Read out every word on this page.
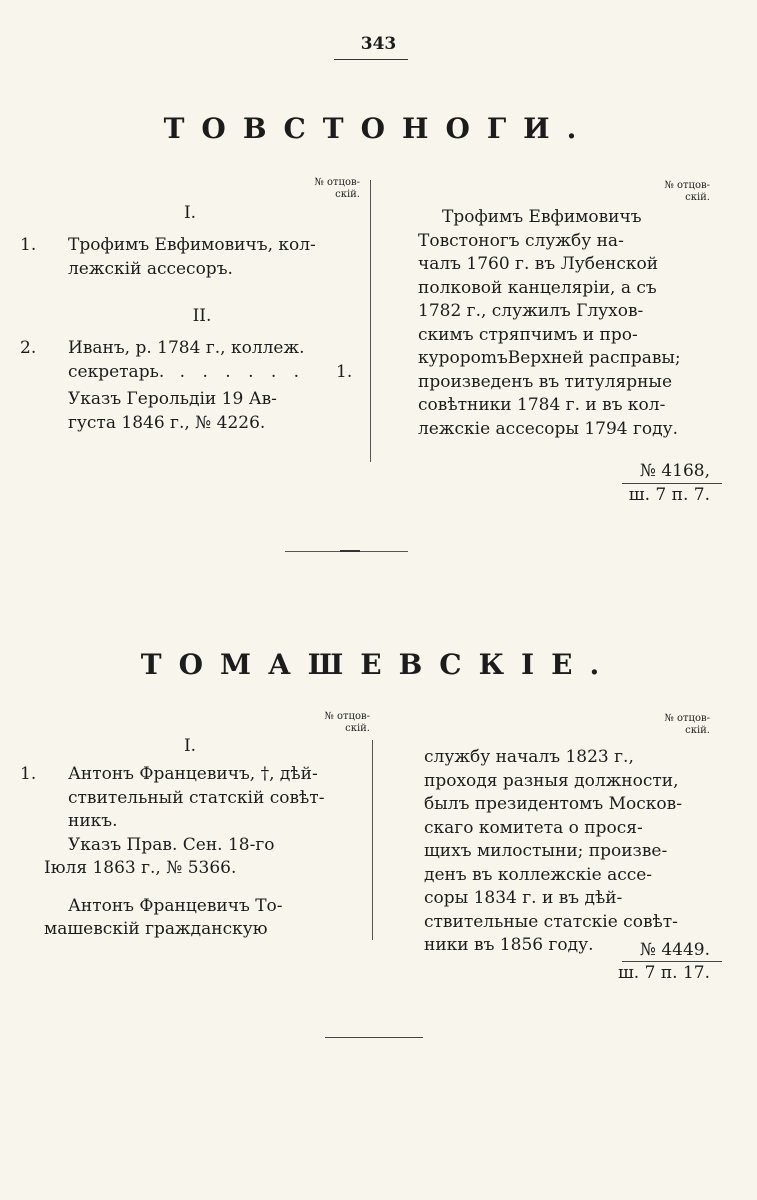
343
ТОВСТОНОГИ.
№ отцов-
скій.
I.
1. Трофимъ Евфимовичъ, кол-
лежскій ассесоръ.
II.
2. Иванъ, р. 1784 г., коллеж.
секретарь. . . . . . . 1.
Указъ Герольдіи 19 Ав-
густа 1846 г., № 4226.
№ отцов-
скій.
Трофимъ Евфимовичъ
Товстоногъ службу на-
чалъ 1760 г. въ Лубенской
полковой канцеляріи, а съ
1782 г., служилъ Глухов-
скимъ стряпчимъ и про-
курорomъВерхней расправы;
произведенъ въ титулярные
совѣтники 1784 г. и въ кол-
лежскіе ассесоры 1794 году.
№ 4168,
ш. 7 п. 7.
ТОМАШЕВСКІЕ.
№ отцов-
скій.
I.
1. Антонъ Францевичъ, †, дѣй-
ствительный статскій совѣт-
никъ.
Указъ Прав. Сен. 18-го
Іюля 1863 г., № 5366.
Антонъ Францевичъ То-
машевскій гражданскую
№ отцов-
скій.
службу началъ 1823 г.,
проходя разныя должности,
былъ президентомъ Москов-
скаго комитета о прося-
щихъ милостыни; произве-
денъ въ коллежскіе ассе-
соры 1834 г. и въ дѣй-
ствительные статскіе совѣт-
ники въ 1856 году.	№ 4449.
ш. 7 п. 17.
